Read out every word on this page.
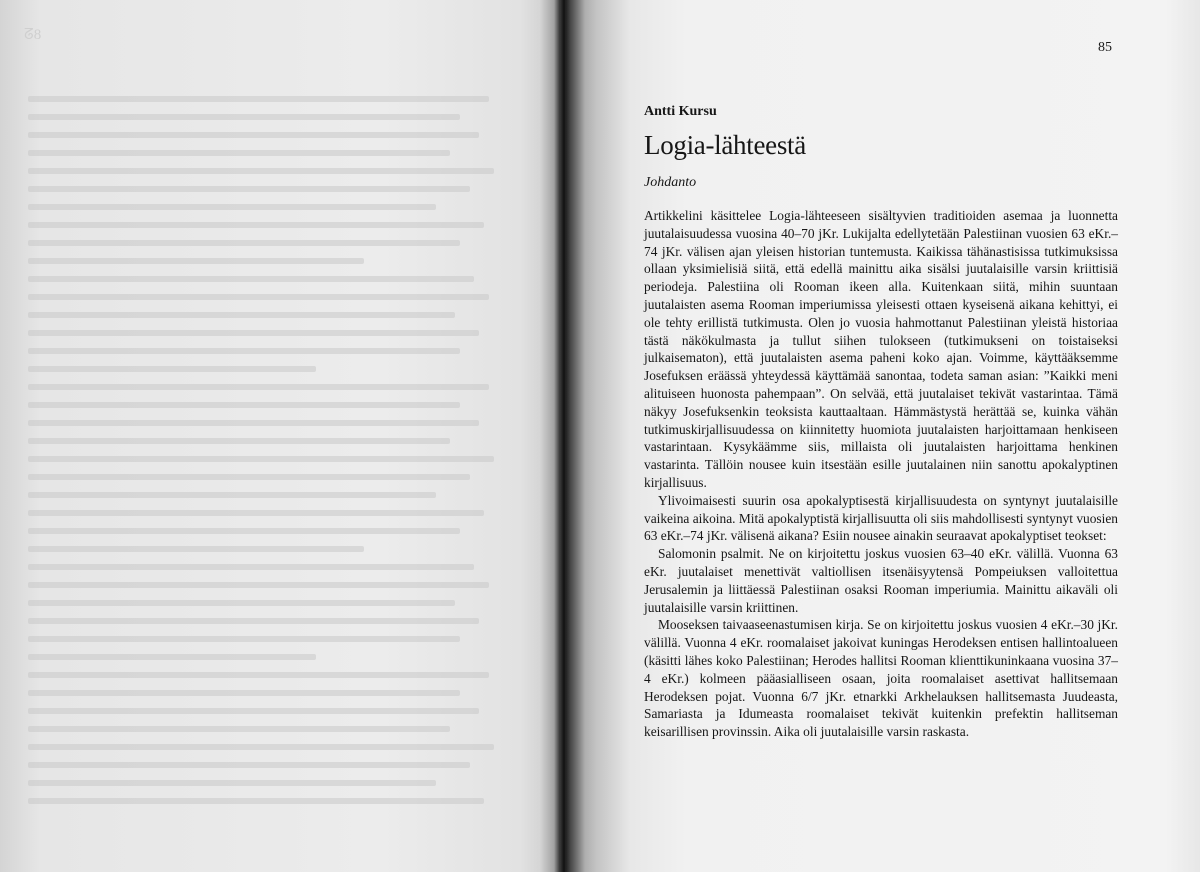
ᘔ8
85
Antti Kursu
Logia-lähteestä
Johdanto

Artikkelini käsittelee Logia-lähteeseen sisältyvien traditioiden asemaa ja luonnetta juutalaisuudessa vuosina 40–70 jKr. Lukijalta edellytetään Palestiinan vuosien 63 eKr.–74 jKr. välisen ajan yleisen historian tuntemusta. Kaikissa tähänastisissa tutkimuksissa ollaan yksimielisiä siitä, että edellä mainittu aika sisälsi juutalaisille varsin kriittisiä periodeja. Palestiina oli Rooman ikeen alla. Kuitenkaan siitä, mihin suuntaan juutalaisten asema Rooman imperiumissa yleisesti ottaen kyseisenä aikana kehittyi, ei ole tehty erillistä tutkimusta. Olen jo vuosia hahmottanut Palestiinan yleistä historiaa tästä näkökulmasta ja tullut siihen tulokseen (tutkimukseni on toistaiseksi julkaisematon), että juutalaisten asema paheni koko ajan. Voimme, käyttääksemme Josefuksen eräässä yhteydessä käyttämää sanontaa, todeta saman asian: ”Kaikki meni alituiseen huonosta pahempaan”. On selvää, että juutalaiset tekivät vastarintaa. Tämä näkyy Josefuksenkin teoksista kauttaaltaan. Hämmästystä herättää se, kuinka vähän tutkimuskirjallisuudessa on kiinnitetty huomiota juutalaisten harjoittamaan henkiseen vastarintaan. Kysykäämme siis, millaista oli juutalaisten harjoittama henkinen vastarinta. Tällöin nousee kuin itsestään esille juutalainen niin sanottu apokalyptinen kirjallisuus.

Ylivoimaisesti suurin osa apokalyptisestä kirjallisuudesta on syntynyt juutalaisille vaikeina aikoina. Mitä apokalyptistä kirjallisuutta oli siis mahdollisesti syntynyt vuosien 63 eKr.–74 jKr. välisenä aikana? Esiin nousee ainakin seuraavat apokalyptiset teokset:

Salomonin psalmit. Ne on kirjoitettu joskus vuosien 63–40 eKr. välillä. Vuonna 63 eKr. juutalaiset menettivät valtiollisen itsenäisyytensä Pompeiuksen valloitettua Jerusalemin ja liittäessä Palestiinan osaksi Rooman imperiumia. Mainittu aikaväli oli juutalaisille varsin kriittinen.

Mooseksen taivaaseenastumisen kirja. Se on kirjoitettu joskus vuosien 4 eKr.–30 jKr. välillä. Vuonna 4 eKr. roomalaiset jakoivat kuningas Herodeksen entisen hallintoalueen (käsitti lähes koko Palestiinan; Herodes hallitsi Rooman klienttikuninkaana vuosina 37–4 eKr.) kolmeen pääasialliseen osaan, joita roomalaiset asettivat hallitsemaan Herodeksen pojat. Vuonna 6/7 jKr. etnarkki Arkhelauksen hallitsemasta Juudeasta, Samariasta ja Idumeasta roomalaiset tekivät kuitenkin prefektin hallitseman keisarillisen provinssin. Aika oli juutalaisille varsin raskasta.
